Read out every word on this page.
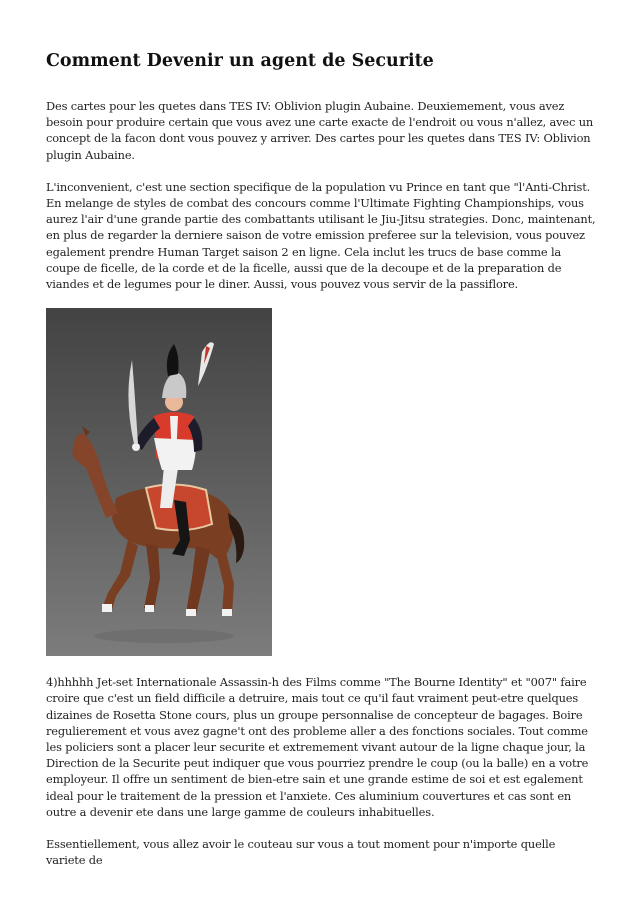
Comment Devenir un agent de Securite

Des cartes pour les quetes dans TES IV: Oblivion plugin Aubaine. Deuxiemement, vous avez besoin pour produire certain que vous avez une carte exacte de l'endroit ou vous n'allez, avec un concept de la facon dont vous pouvez y arriver. Des cartes pour les quetes dans TES IV: Oblivion plugin Aubaine.

L'inconvenient, c'est une section specifique de la population vu Prince en tant que "l'Anti-Christ. En melange de styles de combat des concours comme l'Ultimate Fighting Championships, vous aurez l'air d'une grande partie des combattants utilisant le Jiu-Jitsu strategies. Donc, maintenant, en plus de regarder la derniere saison de votre emission preferee sur la television, vous pouvez egalement prendre Human Target saison 2 en ligne. Cela inclut les trucs de base comme la coupe de ficelle, de la corde et de la ficelle, aussi que de la decoupe et de la preparation de viandes et de legumes pour le diner. Aussi, vous pouvez vous servir de la passiflore.

4)hhhhh Jet-set Internationale Assassin-h des Films comme "The Bourne Identity" et "007" faire croire que c'est un field difficile a detruire, mais tout ce qu'il faut vraiment peut-etre quelques dizaines de Rosetta Stone cours, plus un groupe personnalise de concepteur de bagages. Boire regulierement et vous avez gagne't ont des probleme aller a des fonctions sociales. Tout comme les policiers sont a placer leur securite et extremement vivant autour de la ligne chaque jour, la Direction de la Securite peut indiquer que vous pourriez prendre le coup (ou la balle) en a votre employeur. Il offre un sentiment de bien-etre sain et une grande estime de soi et est egalement ideal pour le traitement de la pression et l'anxiete. Ces aluminium couvertures et cas sont en outre a devenir ete dans une large gamme de couleurs inhabituelles.

Essentiellement, vous allez avoir le couteau sur vous a tout moment pour n'importe quelle variete de
